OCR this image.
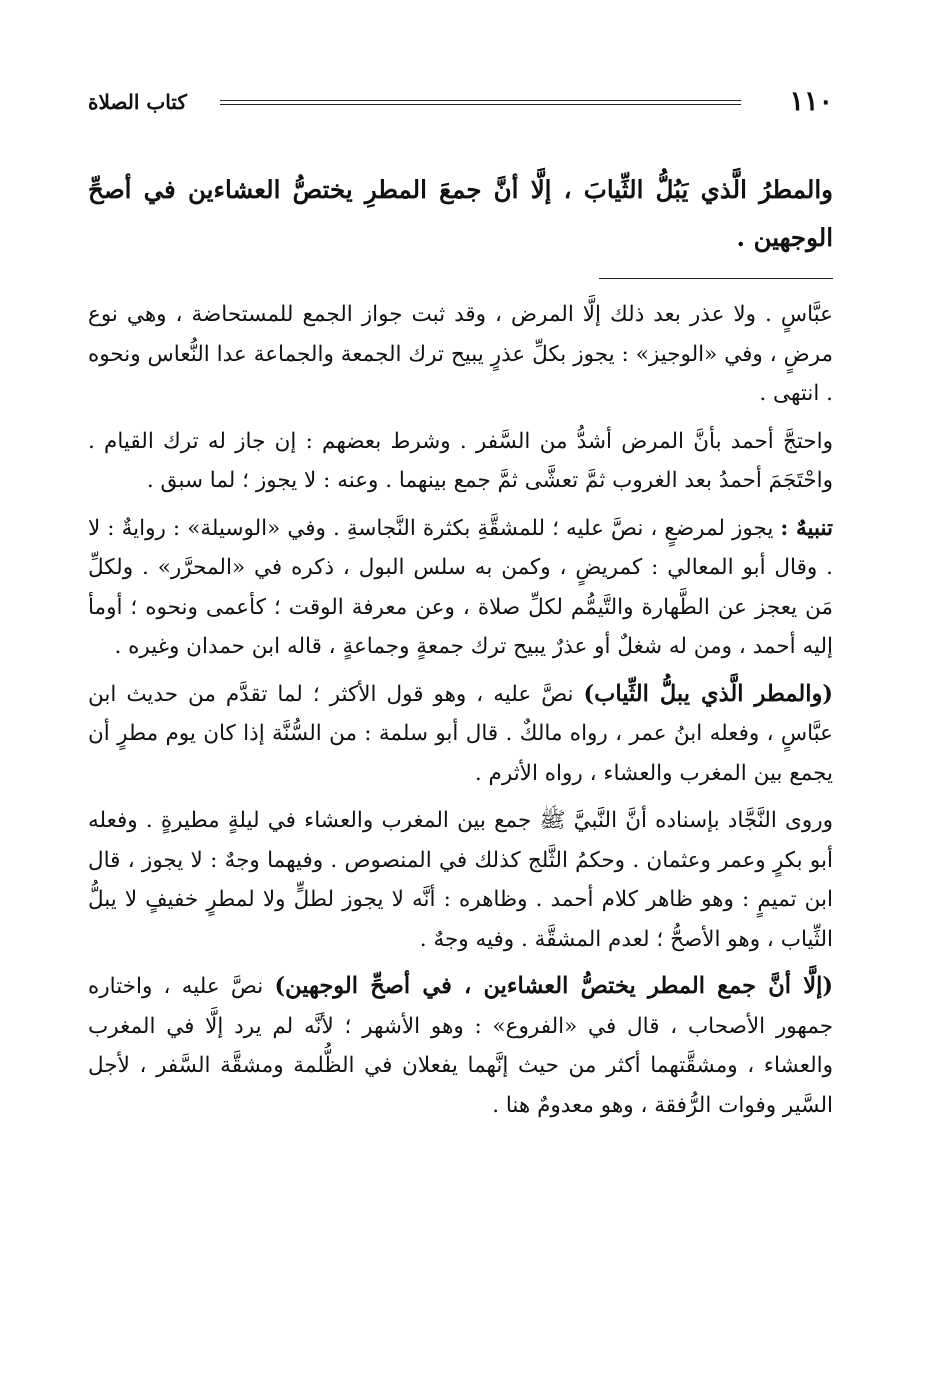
١١٠
كتاب الصلاة
والمطرُ الَّذي يَبُلُّ الثِّيابَ ، إلَّا أنَّ جمعَ المطرِ يختصُّ العشاءين في أصحِّ الوجهين .

عبَّاسٍ . ولا عذر بعد ذلك إلَّا المرض ، وقد ثبت جواز الجمع للمستحاضة ، وهي نوع مرضٍ ، وفي «الوجيز» : يجوز بكلِّ عذرٍ يبيح ترك الجمعة والجماعة عدا النُّعاس ونحوه . انتهى .

واحتجَّ أحمد بأنَّ المرض أشدُّ من السَّفر . وشرط بعضهم : إن جاز له ترك القيام . واحْتَجَمَ أحمدُ بعد الغروب ثمَّ تعشَّى ثمَّ جمع بينهما . وعنه : لا يجوز ؛ لما سبق .

تنبيهٌ : يجوز لمرضعٍ ، نصَّ عليه ؛ للمشقَّةِ بكثرة النَّجاسةِ . وفي «الوسيلة» : روايةٌ : لا . وقال أبو المعالي : كمريضٍ ، وكمن به سلس البول ، ذكره في «المحرَّر» . ولكلِّ مَن يعجز عن الطَّهارة والتَّيمُّم لكلِّ صلاة ، وعن معرفة الوقت ؛ كأعمى ونحوه ؛ أومأ إليه أحمد ، ومن له شغلٌ أو عذرٌ يبيح ترك جمعةٍ وجماعةٍ ، قاله ابن حمدان وغيره .

(والمطر الَّذي يبلُّ الثِّياب) نصَّ عليه ، وهو قول الأكثر ؛ لما تقدَّم من حديث ابن عبَّاسٍ ، وفعله ابنُ عمر ، رواه مالكٌ . قال أبو سلمة : من السُّنَّة إذا كان يوم مطرٍ أن يجمع بين المغرب والعشاء ، رواه الأثرم .

وروى النَّجَّاد بإسناده أنَّ النَّبيَّ ﷺ جمع بين المغرب والعشاء في ليلةٍ مطيرةٍ . وفعله أبو بكرٍ وعمر وعثمان . وحكمُ الثَّلج كذلك في المنصوص . وفيهما وجهٌ : لا يجوز ، قال ابن تميمٍ : وهو ظاهر كلام أحمد . وظاهره : أنَّه لا يجوز لطلٍّ ولا لمطرٍ خفيفٍ لا يبلُّ الثِّياب ، وهو الأصحُّ ؛ لعدم المشقَّة . وفيه وجهٌ .

(إلَّا أنَّ جمع المطر يختصُّ العشاءين ، في أصحِّ الوجهين) نصَّ عليه ، واختاره جمهور الأصحاب ، قال في «الفروع» : وهو الأشهر ؛ لأنَّه لم يرد إلَّا في المغرب والعشاء ، ومشقَّتهما أكثر من حيث إنَّهما يفعلان في الظُّلمة ومشقَّة السَّفر ، لأجل السَّير وفوات الرُّفقة ، وهو معدومٌ هنا .
